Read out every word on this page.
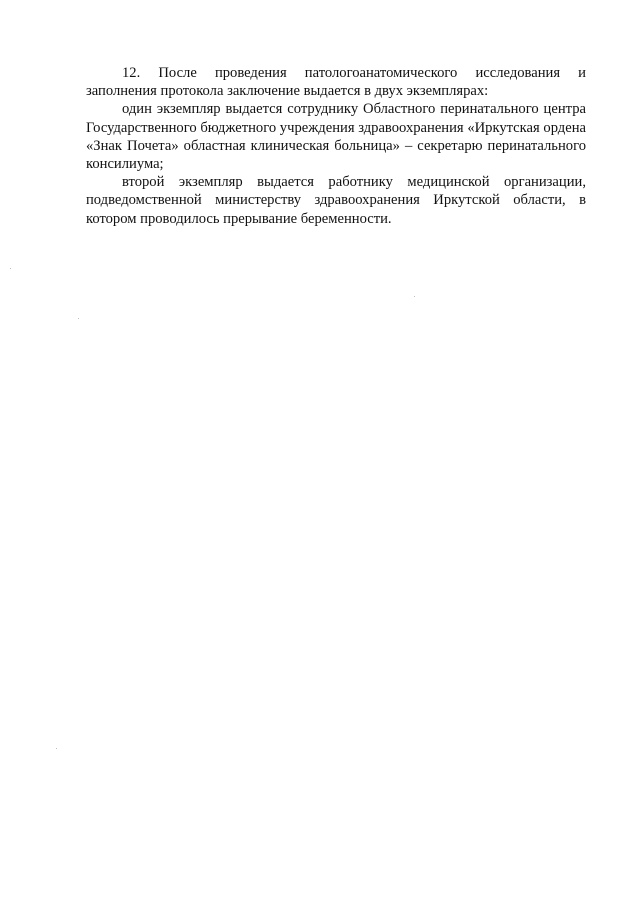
12. После проведения патологоанатомического исследования и заполнения протокола заключение выдается в двух экземплярах:

один экземпляр выдается сотруднику Областного перинатального центра Государственного бюджетного учреждения здравоохранения «Иркутская ордена «Знак Почета» областная клиническая больница» – секретарю перинатального консилиума;

второй экземпляр выдается работнику медицинской организации, подведомственной министерству здравоохранения Иркутской области, в котором проводилось прерывание беременности.
